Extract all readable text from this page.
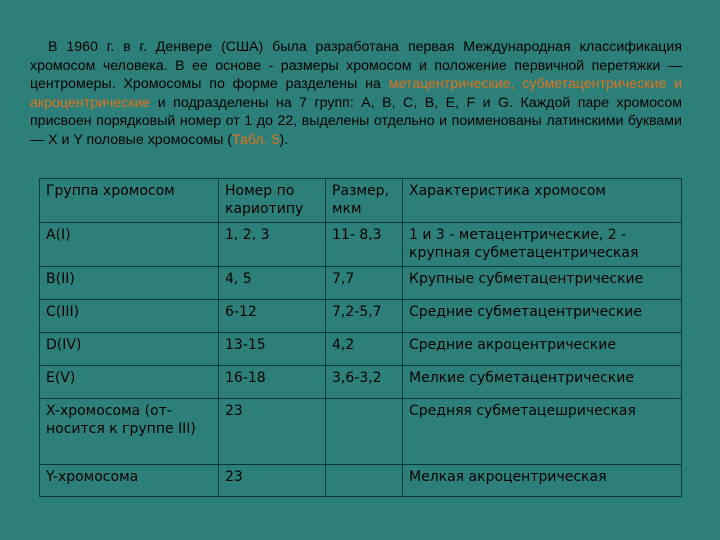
В 1960 г. в г. Денвере (США) была разработана первая Международная классификация хромосом человека. В ее основе - размеры хромосом и положение первичной перетяжки — центромеры. Хромосомы по форме разделены на метацентрические, субметацентрические и акроцентрические и подразделены на 7 групп: A, B, C, B, E, F и G. Каждой паре хромосом присвоен порядковый номер от 1 до 22, выделены отдельно и поименованы латинскими буквами — X и Y половые хромосомы (Табл. 5).
Группа хромосом	Номер по кариотипу	Размер, мкм	Характеристика хромосом
A(I)	1, 2, 3	11- 8,3	1 и 3 - метацентрические, 2 - крупная субметацентрическая
B(II)	4, 5	7,7	Крупные субметацентрические
C(III)	6-12	7,2-5,7	Средние субметацентрические
D(IV)	13-15	4,2	Средние акроцентрические
E(V)	16-18	3,6-3,2	Мелкие субметацентрические
X-хромосома (относится к группе III)	23		Средняя субметацешрическая
Y-хромосома	23		Мелкая акроцентрическая
